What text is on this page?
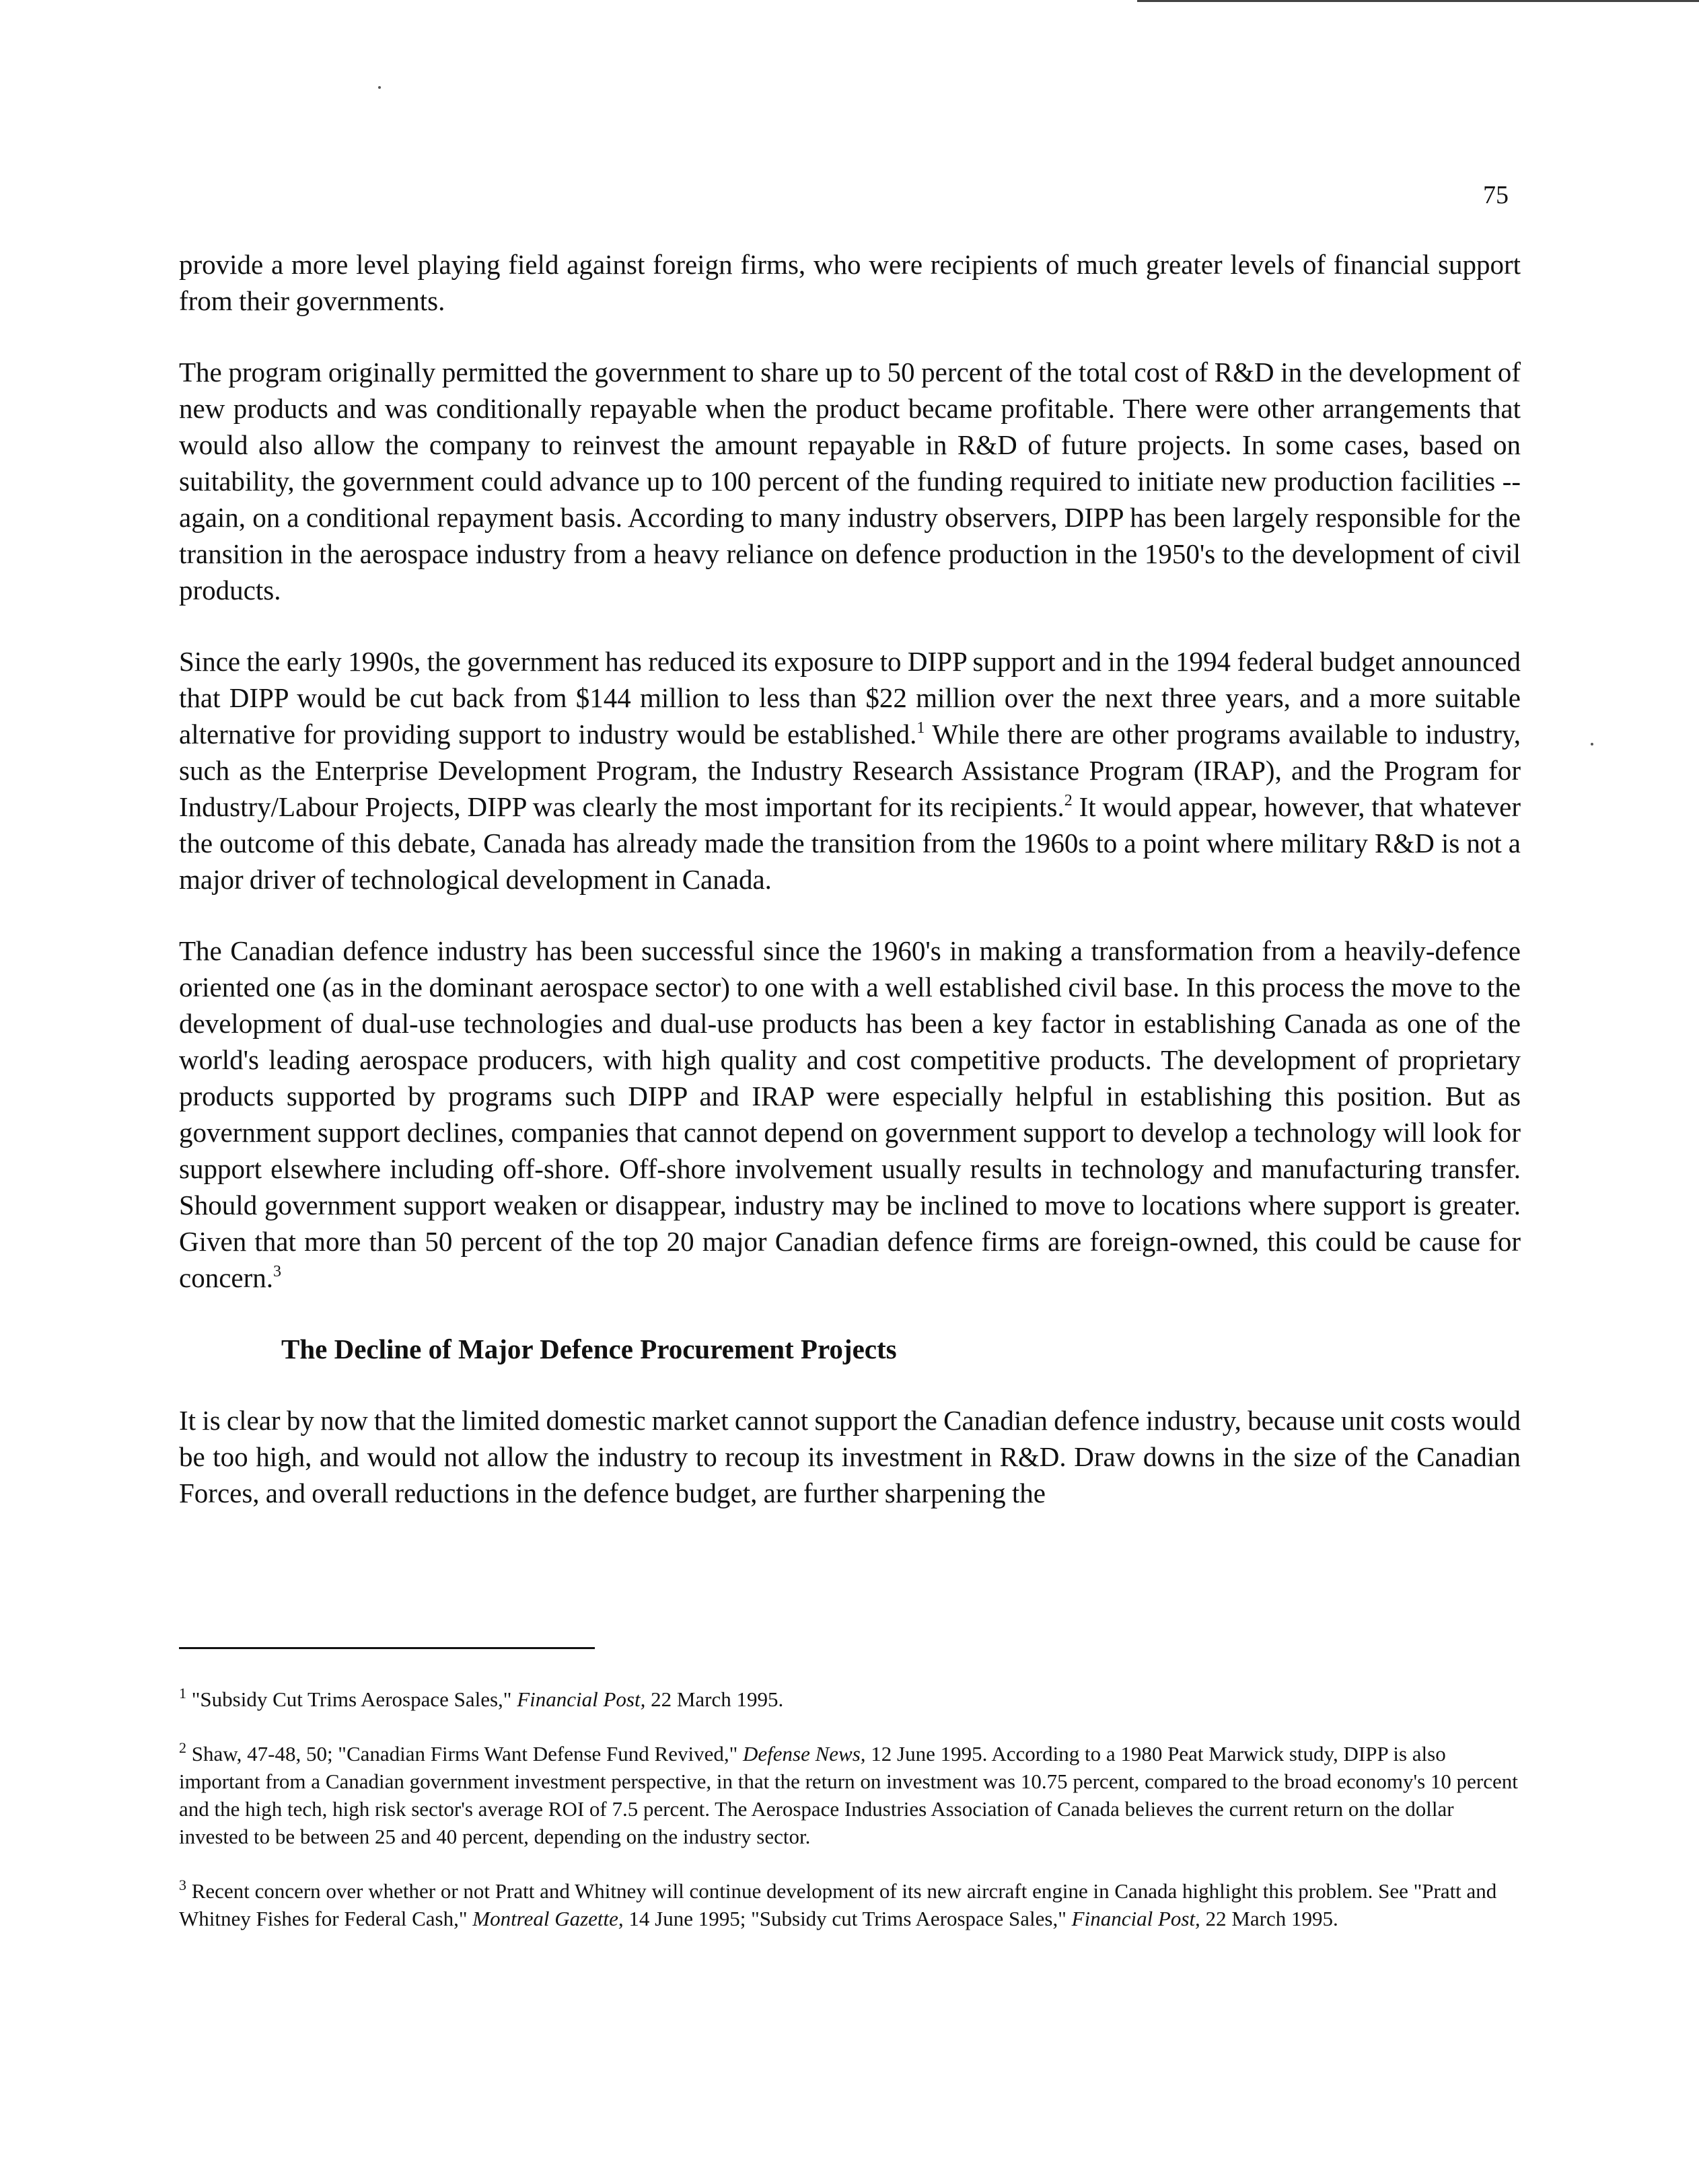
75

provide a more level playing field against foreign firms, who were recipients of much greater levels of financial support from their governments.

The program originally permitted the government to share up to 50 percent of the total cost of R&D in the development of new products and was conditionally repayable when the product became profitable. There were other arrangements that would also allow the company to reinvest the amount repayable in R&D of future projects. In some cases, based on suitability, the government could advance up to 100 percent of the funding required to initiate new production facilities -- again, on a conditional repayment basis. According to many industry observers, DIPP has been largely responsible for the transition in the aerospace industry from a heavy reliance on defence production in the 1950's to the development of civil products.

Since the early 1990s, the government has reduced its exposure to DIPP support and in the 1994 federal budget announced that DIPP would be cut back from $144 million to less than $22 million over the next three years, and a more suitable alternative for providing support to industry would be established.$^1$ While there are other programs available to industry, such as the Enterprise Development Program, the Industry Research Assistance Program (IRAP), and the Program for Industry/Labour Projects, DIPP was clearly the most important for its recipients.$^2$ It would appear, however, that whatever the outcome of this debate, Canada has already made the transition from the 1960s to a point where military R&D is not a major driver of technological development in Canada.

The Canadian defence industry has been successful since the 1960's in making a transformation from a heavily-defence oriented one (as in the dominant aerospace sector) to one with a well established civil base. In this process the move to the development of dual-use technologies and dual-use products has been a key factor in establishing Canada as one of the world's leading aerospace producers, with high quality and cost competitive products. The development of proprietary products supported by programs such DIPP and IRAP were especially helpful in establishing this position. But as government support declines, companies that cannot depend on government support to develop a technology will look for support elsewhere including off-shore. Off-shore involvement usually results in technology and manufacturing transfer. Should government support weaken or disappear, industry may be inclined to move to locations where support is greater. Given that more than 50 percent of the top 20 major Canadian defence firms are foreign-owned, this could be cause for concern.$^3$

The Decline of Major Defence Procurement Projects

It is clear by now that the limited domestic market cannot support the Canadian defence industry, because unit costs would be too high, and would not allow the industry to recoup its investment in R&D. Draw downs in the size of the Canadian Forces, and overall reductions in the defence budget, are further sharpening the

$^1$ "Subsidy Cut Trims Aerospace Sales," Financial Post, 22 March 1995.

$^2$ Shaw, 47-48, 50; "Canadian Firms Want Defense Fund Revived," Defense News, 12 June 1995. According to a 1980 Peat Marwick study, DIPP is also important from a Canadian government investment perspective, in that the return on investment was 10.75 percent, compared to the broad economy's 10 percent and the high tech, high risk sector's average ROI of 7.5 percent. The Aerospace Industries Association of Canada believes the current return on the dollar invested to be between 25 and 40 percent, depending on the industry sector.

$^3$ Recent concern over whether or not Pratt and Whitney will continue development of its new aircraft engine in Canada highlight this problem. See "Pratt and Whitney Fishes for Federal Cash," Montreal Gazette, 14 June 1995; "Subsidy cut Trims Aerospace Sales," Financial Post, 22 March 1995.
